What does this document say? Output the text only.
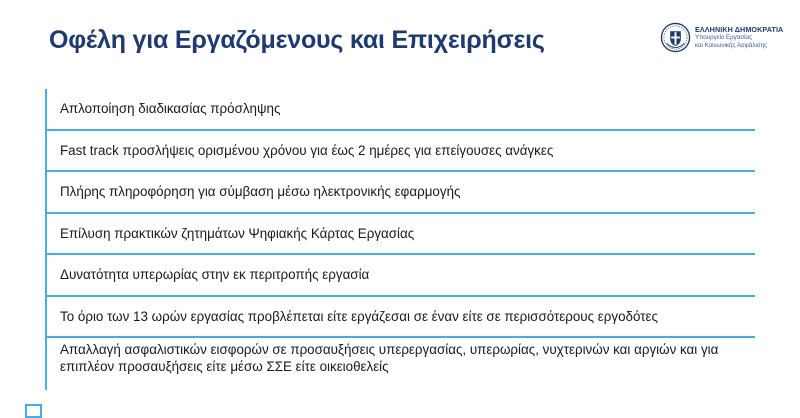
Οφέλη για Εργαζόμενους και Επιχειρήσεις	ΕΛΛΗΝΙΚΗ ΔΗΜΟΚΡΑΤΙΑ
Υπουργείο Εργασίας
και Κοινωνικής Ασφάλισης
Απλοποίηση διαδικασίας πρόσληψης
Fast track προσλήψεις ορισμένου χρόνου για έως 2 ημέρες για επείγουσες ανάγκες
Πλήρης πληροφόρηση για σύμβαση μέσω ηλεκτρονικής εφαρμογής
Επίλυση πρακτικών ζητημάτων Ψηφιακής Κάρτας Εργασίας
Δυνατότητα υπερωρίας στην εκ περιτροπής εργασία
Το όριο των 13 ωρών εργασίας προβλέπεται είτε εργάζεσαι σε έναν είτε σε περισσότερους εργοδότες
Απαλλαγή ασφαλιστικών εισφορών σε προσαυξήσεις υπερεργασίας, υπερωρίας, νυχτερινών και αργιών και για επιπλέον προσαυξήσεις είτε μέσω ΣΣΕ είτε οικειοθελείς
